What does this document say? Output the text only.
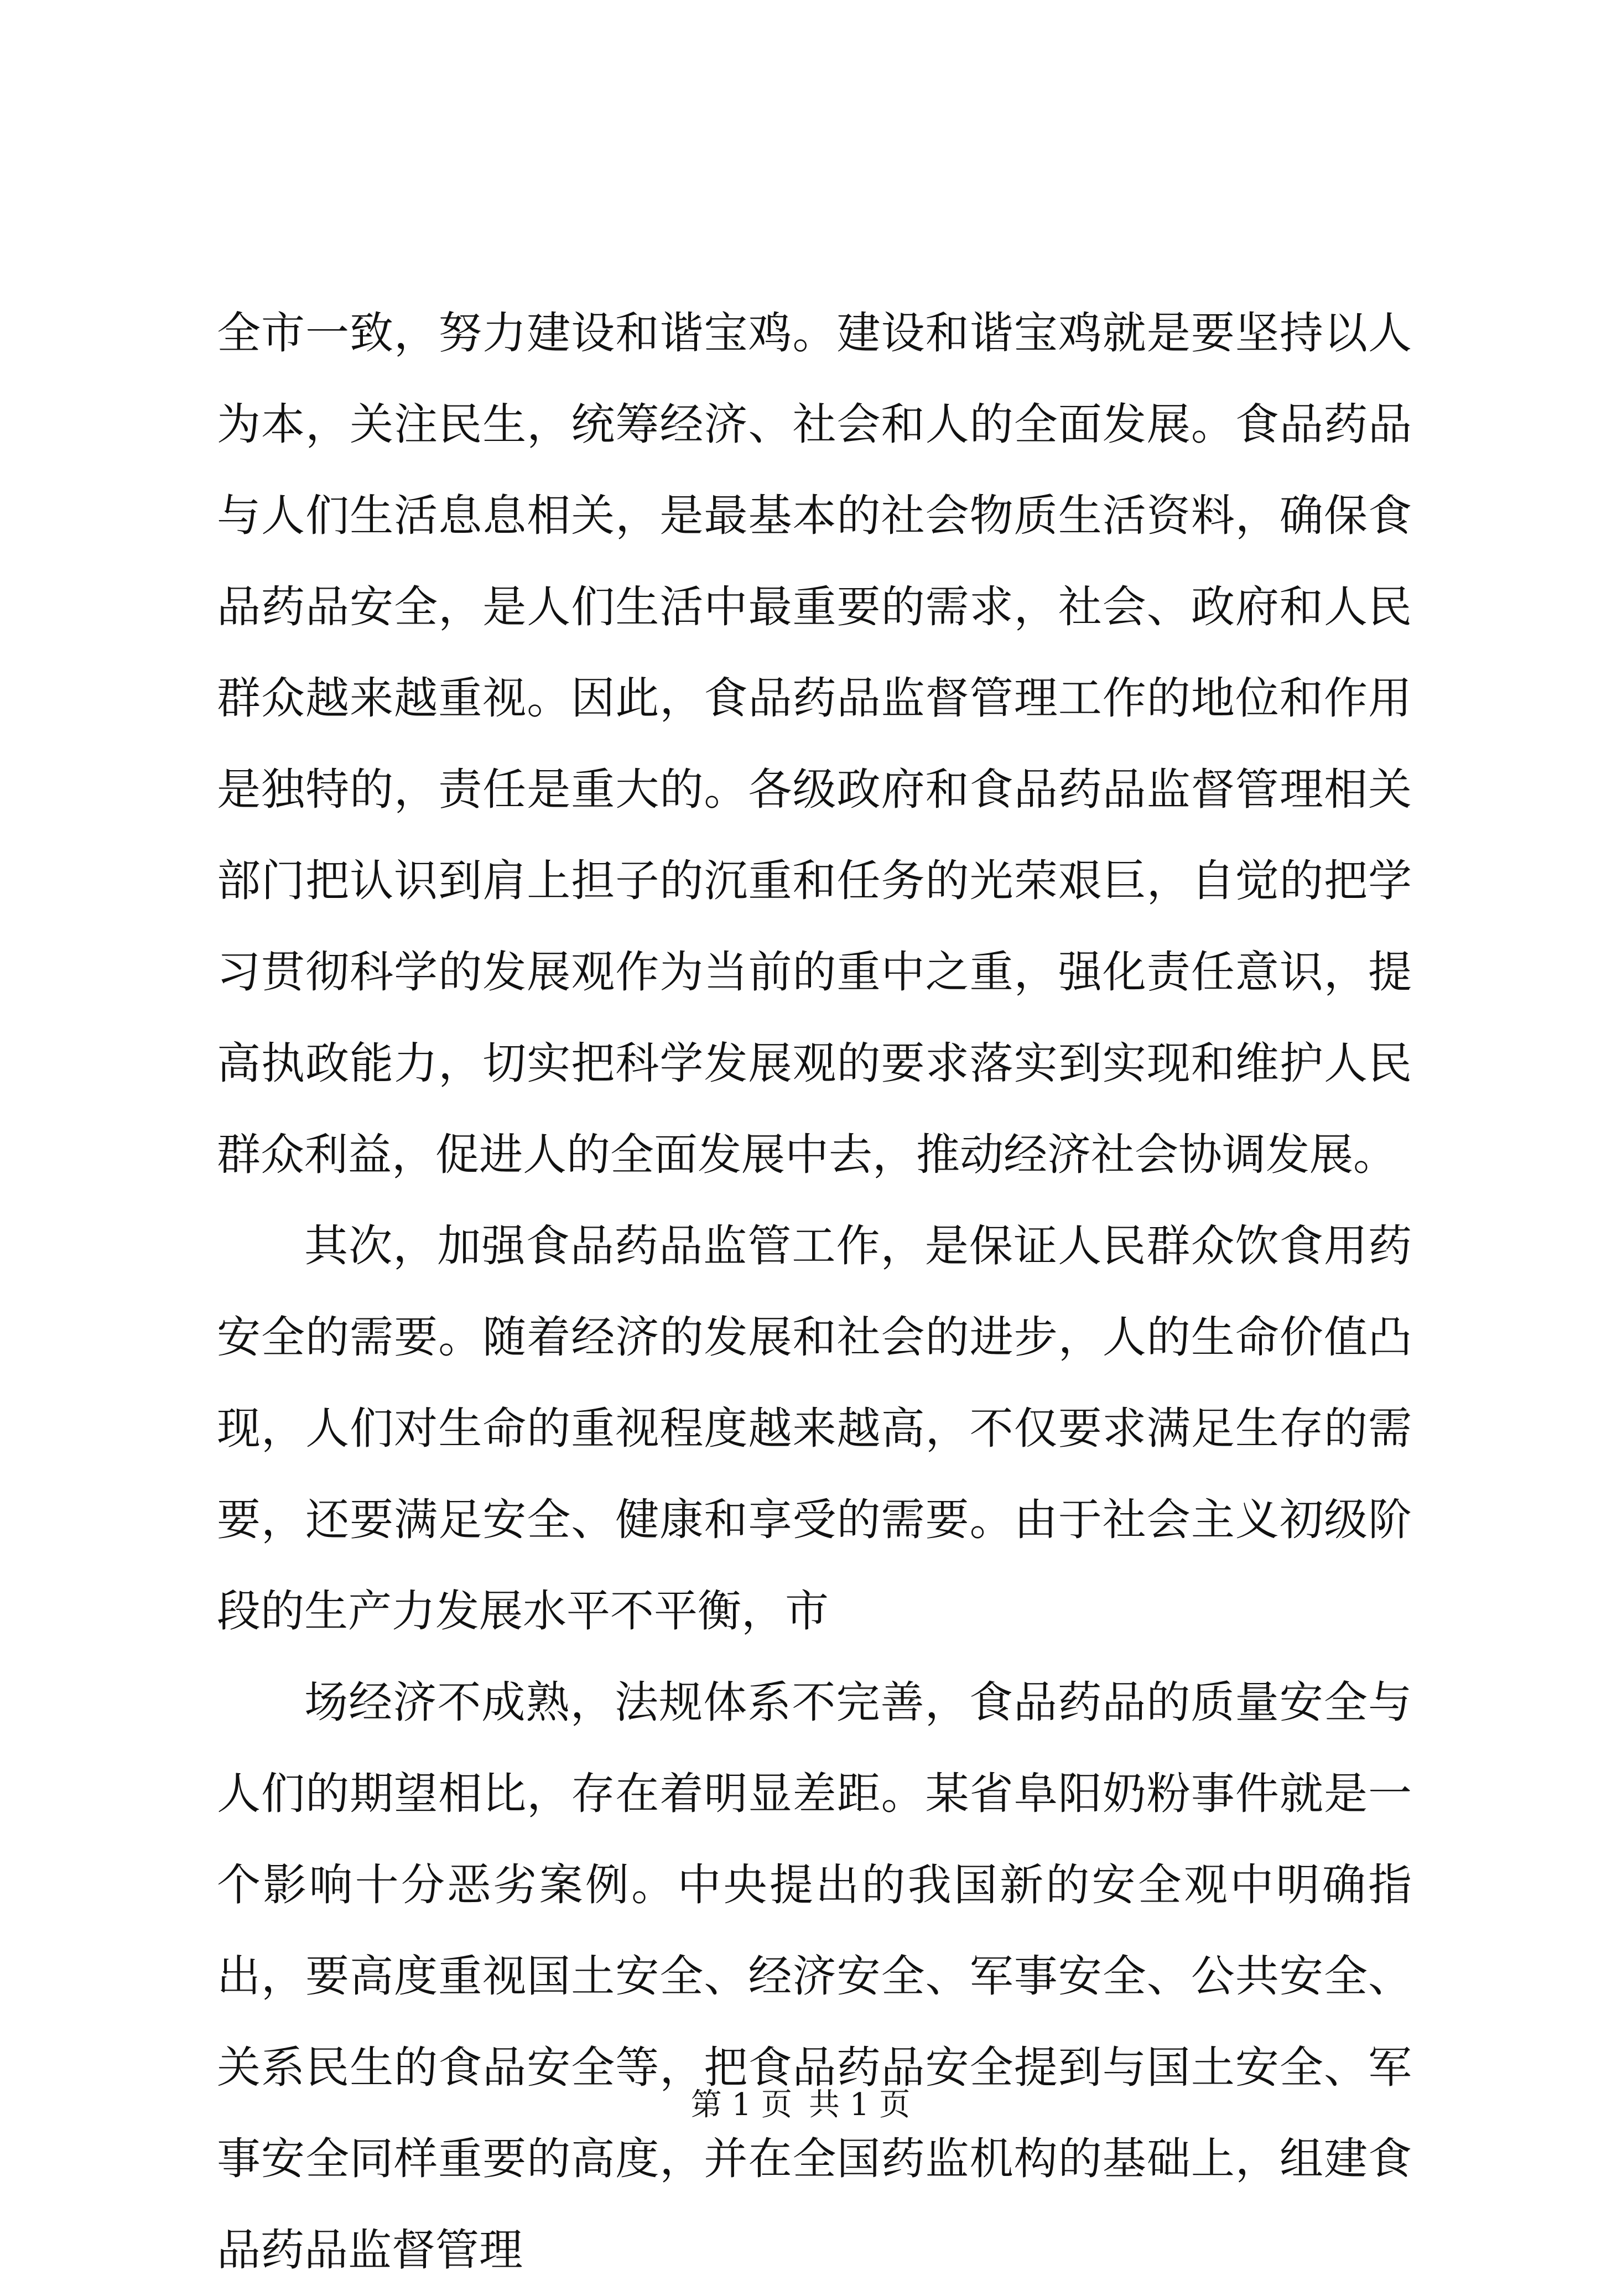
全市一致，努力建设和谐宝鸡。建设和谐宝鸡就是要坚持以人为本，关注民生，统筹经济、社会和人的全面发展。食品药品与人们生活息息相关，是最基本的社会物质生活资料，确保食品药品安全，是人们生活中最重要的需求，社会、政府和人民群众越来越重视。因此，食品药品监督管理工作的地位和作用是独特的，责任是重大的。各级政府和食品药品监督管理相关部门把认识到肩上担子的沉重和任务的光荣艰巨，自觉的把学习贯彻科学的发展观作为当前的重中之重，强化责任意识，提高执政能力，切实把科学发展观的要求落实到实现和维护人民群众利益，促进人的全面发展中去，推动经济社会协调发展。

其次，加强食品药品监管工作，是保证人民群众饮食用药安全的需要。随着经济的发展和社会的进步，人的生命价值凸现，人们对生命的重视程度越来越高，不仅要求满足生存的需要，还要满足安全、健康和享受的需要。由于社会主义初级阶段的生产力发展水平不平衡，市

场经济不成熟，法规体系不完善，食品药品的质量安全与人们的期望相比，存在着明显差距。某省阜阳奶粉事件就是一个影响十分恶劣案例。中央提出的我国新的安全观中明确指出，要高度重视国土安全、经济安全、军事安全、公共安全、关系民生的食品安全等，把食品药品安全提到与国土安全、军事安全同样重要的高度，并在全国药监机构的基础上，组建食品药品监督管理

第 1 页 共 1 页
